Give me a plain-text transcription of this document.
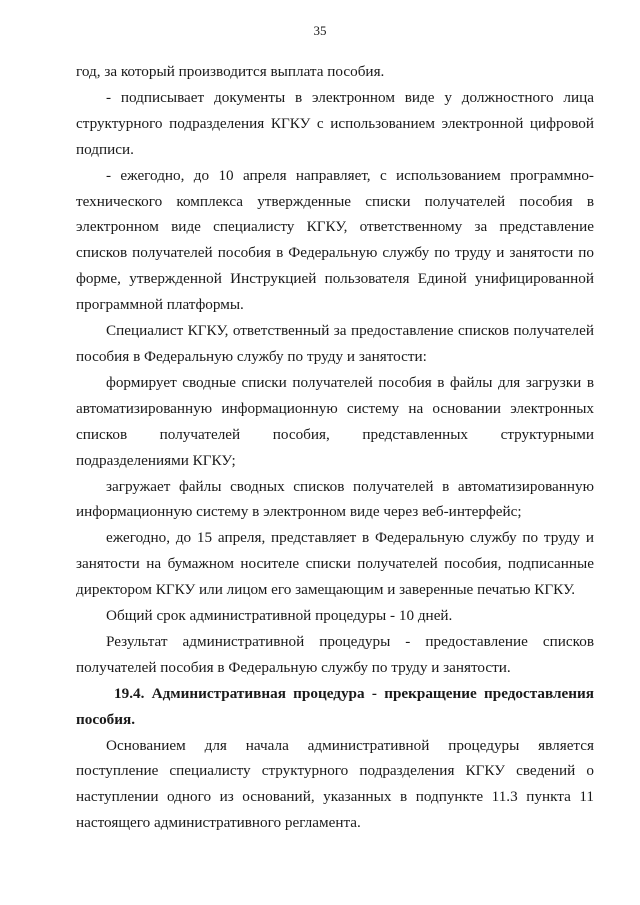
35

год, за который производится выплата пособия.

- подписывает документы в электронном виде у должностного лица структурного подразделения КГКУ с использованием электронной цифровой подписи.

- ежегодно, до 10 апреля направляет, с использованием программно-технического комплекса утвержденные списки получателей пособия в электронном виде специалисту КГКУ, ответственному за представление списков получателей пособия в Федеральную службу по труду и занятости по форме, утвержденной Инструкцией пользователя Единой унифицированной программной платформы.

Специалист КГКУ, ответственный за предоставление списков получателей пособия в Федеральную службу по труду и занятости:

формирует сводные списки получателей пособия в файлы для загрузки в автоматизированную информационную систему на основании электронных списков получателей пособия, представленных структурными подразделениями КГКУ;

загружает файлы сводных списков получателей в автоматизированную информационную систему в электронном виде через веб-интерфейс;

ежегодно, до 15 апреля, представляет в Федеральную службу по труду и занятости на бумажном носителе списки получателей пособия, подписанные директором КГКУ или лицом его замещающим и заверенные печатью КГКУ.

Общий срок административной процедуры - 10 дней.

Результат административной процедуры - предоставление списков получателей пособия в Федеральную службу по труду и занятости.

19.4. Административная процедура - прекращение предоставления пособия.

Основанием для начала административной процедуры является поступление специалисту структурного подразделения КГКУ сведений о наступлении одного из оснований, указанных в подпункте 11.3 пункта 11 настоящего административного регламента.
